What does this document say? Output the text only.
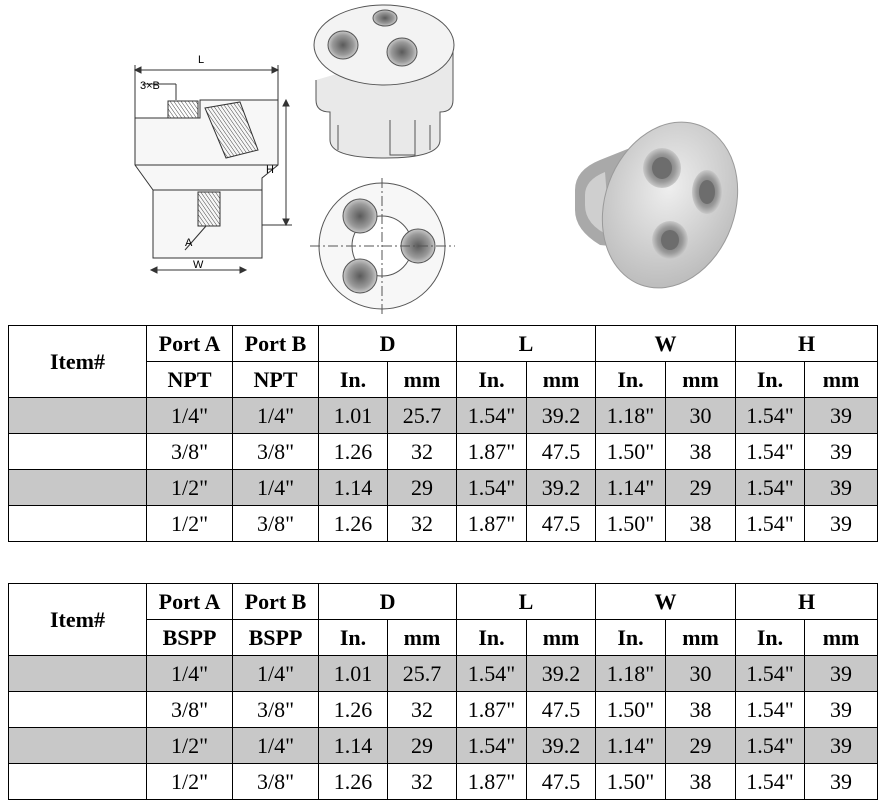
L
3×B
H
A
W
Item#	Port A	Port B	D		L		W		H	
	NPT	NPT	In.	mm	In.	mm	In.	mm	In.	mm
	1/4"	1/4"	1.01	25.7	1.54"	39.2	1.18"	30	1.54"	39
	3/8"	3/8"	1.26	32	1.87"	47.5	1.50"	38	1.54"	39
	1/2"	1/4"	1.14	29	1.54"	39.2	1.14"	29	1.54"	39
	1/2"	3/8"	1.26	32	1.87"	47.5	1.50"	38	1.54"	39
Item#	Port A	Port B	D		L		W		H	
	BSPP	BSPP	In.	mm	In.	mm	In.	mm	In.	mm
	1/4"	1/4"	1.01	25.7	1.54"	39.2	1.18"	30	1.54"	39
	3/8"	3/8"	1.26	32	1.87"	47.5	1.50"	38	1.54"	39
	1/2"	1/4"	1.14	29	1.54"	39.2	1.14"	29	1.54"	39
	1/2"	3/8"	1.26	32	1.87"	47.5	1.50"	38	1.54"	39
